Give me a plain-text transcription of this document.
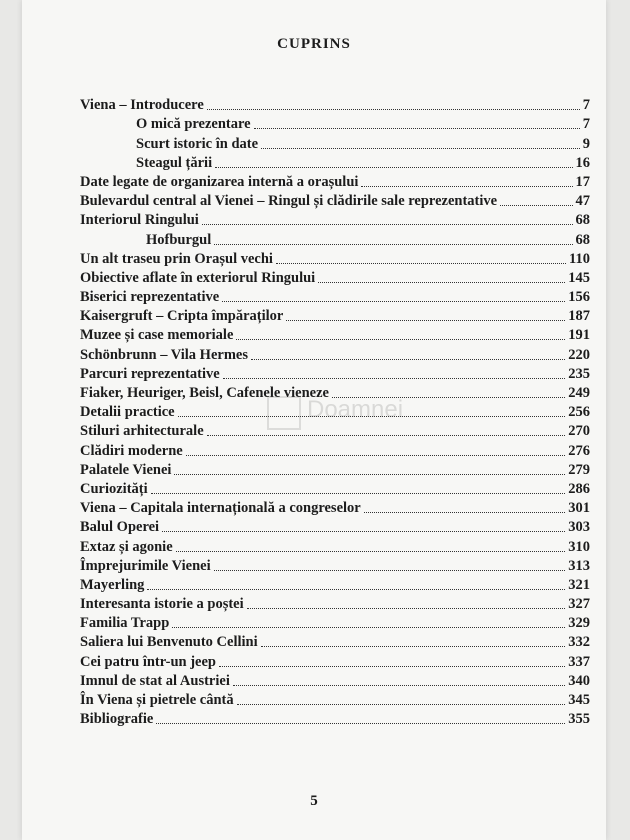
CUPRINS
Viena – Introducere	7
O mică prezentare	7
Scurt istoric în date	9
Steagul țării	16
Date legate de organizarea internă a orașului	17
Bulevardul central al Vienei – Ringul și clădirile sale reprezentative	47
Interiorul Ringului	68
Hofburgul	68
Un alt traseu prin Orașul vechi	110
Obiective aflate în exteriorul Ringului	145
Biserici reprezentative	156
Kaisergruft – Cripta împăraților	187
Muzee și case memoriale	191
Schönbrunn – Vila Hermes	220
Parcuri reprezentative	235
Fiaker, Heuriger, Beisl, Cafenele vieneze	249
Detalii practice	256
Stiluri arhitecturale	270
Clădiri moderne	276
Palatele Vienei	279
Curiozități	286
Viena – Capitala internațională a congreselor	301
Balul Operei	303
Extaz și agonie	310
Împrejurimile Vienei	313
Mayerling	321
Interesanta istorie a poștei	327
Familia Trapp	329
Saliera lui Benvenuto Cellini	332
Cei patru într-un jeep	337
Imnul de stat al Austriei	340
În Viena și pietrele cântă	345
Bibliografie	355
Doamnei
5
